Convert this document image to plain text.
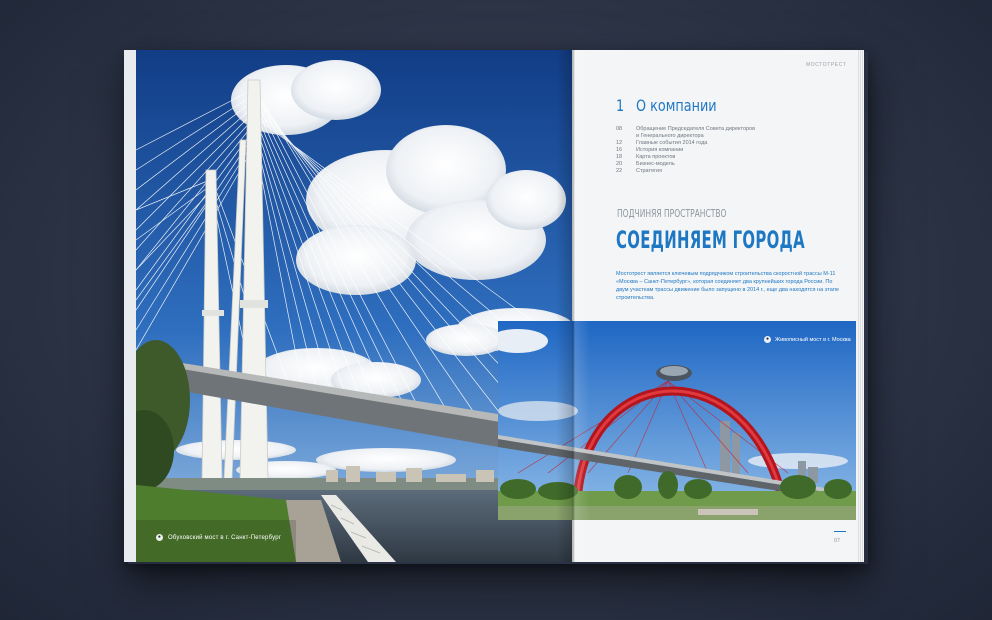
●	Обуховский мост в г. Санкт-Петербург
МОСТОТРЕСТ
1 О компании
08	Обращение Председателя Совета директоров
и Генерального директора
12	Главные события 2014 года
16	История компании
18	Карта проектов
20	Бизнес-модель
22	Стратегия
ПОДЧИНЯЯ ПРОСТРАНСТВО
СОЕДИНЯЕМ ГОРОДА
Мостотрест является ключевым подрядчиком строительства скоростной трассы М-11 «Москва – Санкт-Петербург», которая соединяет два крупнейших города России. По двум участкам трассы движение было запущено в 2014 г., еще два находятся на этапе строительства.
●	Живописный мост в г. Москва
07
